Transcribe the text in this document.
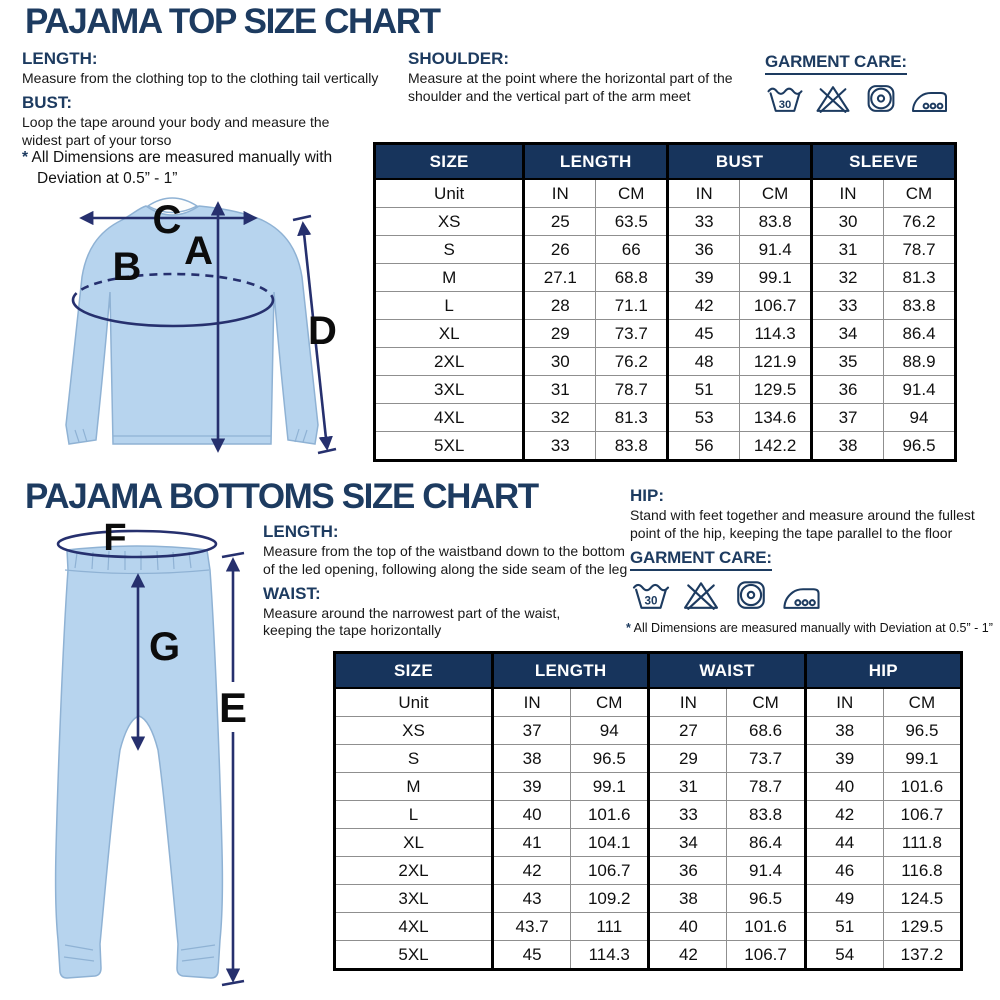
PAJAMA TOP SIZE CHART
LENGTH:
Measure from the clothing top to the clothing tail vertically
BUST:
Loop the tape around your body and measure the widest part of your torso
* All Dimensions are measured manually with
Deviation at 0.5” - 1”
SHOULDER:
Measure at the point where the horizontal part of the shoulder and the vertical part of the arm meet
GARMENT CARE:
30
C
A
B
D
SIZE	LENGTH		BUST		SLEEVE	
Unit	IN	CM	IN	CM	IN	CM
XS	25	63.5	33	83.8	30	76.2
S	26	66	36	91.4	31	78.7
M	27.1	68.8	39	99.1	32	81.3
L	28	71.1	42	106.7	33	83.8
XL	29	73.7	45	114.3	34	86.4
2XL	30	76.2	48	121.9	35	88.9
3XL	31	78.7	51	129.5	36	91.4
4XL	32	81.3	53	134.6	37	94
5XL	33	83.8	56	142.2	38	96.5
PAJAMA BOTTOMS SIZE CHART
F
G
E
LENGTH:
Measure from the top of the waistband down to the bottom of the led opening, following along the side seam of the leg
WAIST:
Measure around the narrowest part of the waist, keeping the tape horizontally
HIP:
Stand with feet together and measure around the fullest point of the hip, keeping the tape parallel to the floor
GARMENT CARE:
30
* All Dimensions are measured manually with Deviation at 0.5” - 1”
SIZE	LENGTH		WAIST		HIP	
Unit	IN	CM	IN	CM	IN	CM
XS	37	94	27	68.6	38	96.5
S	38	96.5	29	73.7	39	99.1
M	39	99.1	31	78.7	40	101.6
L	40	101.6	33	83.8	42	106.7
XL	41	104.1	34	86.4	44	111.8
2XL	42	106.7	36	91.4	46	116.8
3XL	43	109.2	38	96.5	49	124.5
4XL	43.7	111	40	101.6	51	129.5
5XL	45	114.3	42	106.7	54	137.2
